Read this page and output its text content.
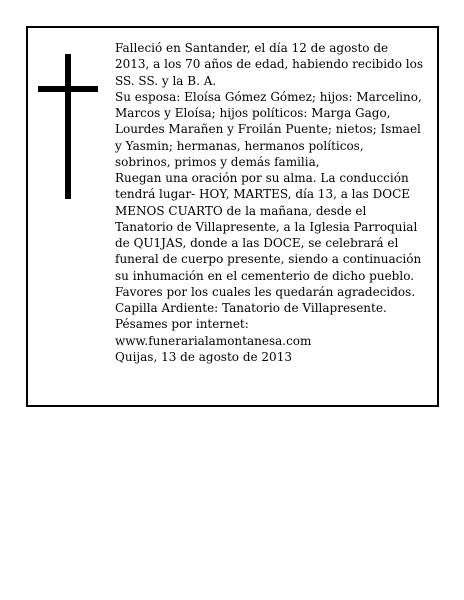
Falleció en Santander, el día 12 de agosto de 2013, a los 70 años de edad, habiendo recibido los SS. SS. y la B. A.

Su esposa: Eloísa Gómez Gómez; hijos: Marcelino, Marcos y Eloísa; hijos políticos: Marga Gago, Lourdes Marañen y Froilán Puente; nietos; Ismael y Yasmin; hermanas, hermanos políticos, sobrinos, primos y demás familia,

Ruegan una oración por su alma. La conducción tendrá lugar- HOY, MARTES, día 13, a las DOCE MENOS CUARTO de la mañana, desde el Tanatorio de Villapresente, a la Iglesia Parroquial de QU1JAS, donde a las DOCE, se celebrará el funeral de cuerpo presente, siendo a continuación su inhumación en el cementerio de dicho pueblo. Favores por los cuales les quedarán agradecidos. Capilla Ardiente: Tanatorio de Villapresente.

Pésames por internet: www.funerarialamontanesa.com

Quijas, 13 de agosto de 2013
